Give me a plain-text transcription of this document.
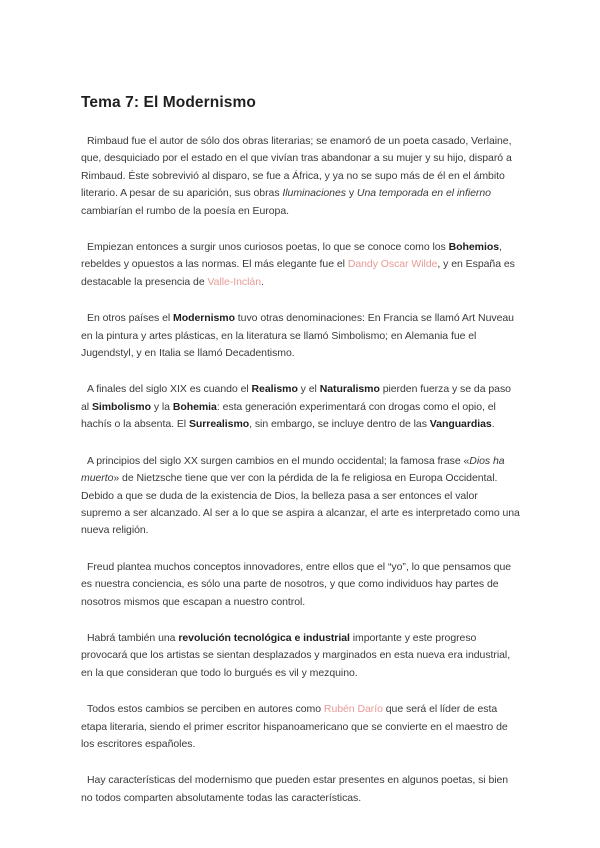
Tema 7: El Modernismo

Rimbaud fue el autor de sólo dos obras literarias; se enamoró de un poeta casado, Verlaine, que, desquiciado por el estado en el que vivían tras abandonar a su mujer y su hijo, disparó a Rimbaud. Éste sobrevivió al disparo, se fue a África, y ya no se supo más de él en el ámbito literario. A pesar de su aparición, sus obras Iluminaciones y Una temporada en el infierno cambiarían el rumbo de la poesía en Europa.

Empiezan entonces a surgir unos curiosos poetas, lo que se conoce como los Bohemios, rebeldes y opuestos a las normas. El más elegante fue el Dandy Oscar Wilde, y en España es destacable la presencia de Valle-Inclán.

En otros países el Modernismo tuvo otras denominaciones: En Francia se llamó Art Nuveau en la pintura y artes plásticas, en la literatura se llamó Simbolismo; en Alemania fue el Jugendstyl, y en Italia se llamó Decadentismo.

A finales del siglo XIX es cuando el Realismo y el Naturalismo pierden fuerza y se da paso al Simbolismo y la Bohemia: esta generación experimentará con drogas como el opio, el hachís o la absenta. El Surrealismo, sin embargo, se incluye dentro de las Vanguardias.

A principios del siglo XX surgen cambios en el mundo occidental; la famosa frase «Dios ha muerto» de Nietzsche tiene que ver con la pérdida de la fe religiosa en Europa Occidental. Debido a que se duda de la existencia de Dios, la belleza pasa a ser entonces el valor supremo a ser alcanzado. Al ser a lo que se aspira a alcanzar, el arte es interpretado como una nueva religión.

Freud plantea muchos conceptos innovadores, entre ellos que el “yo”, lo que pensamos que es nuestra conciencia, es sólo una parte de nosotros, y que como individuos hay partes de nosotros mismos que escapan a nuestro control.

Habrá también una revolución tecnológica e industrial importante y este progreso provocará que los artistas se sientan desplazados y marginados en esta nueva era industrial, en la que consideran que todo lo burgués es vil y mezquino.

Todos estos cambios se perciben en autores como Rubén Darío que será el líder de esta etapa literaria, siendo el primer escritor hispanoamericano que se convierte en el maestro de los escritores españoles.

Hay características del modernismo que pueden estar presentes en algunos poetas, si bien no todos comparten absolutamente todas las características.
